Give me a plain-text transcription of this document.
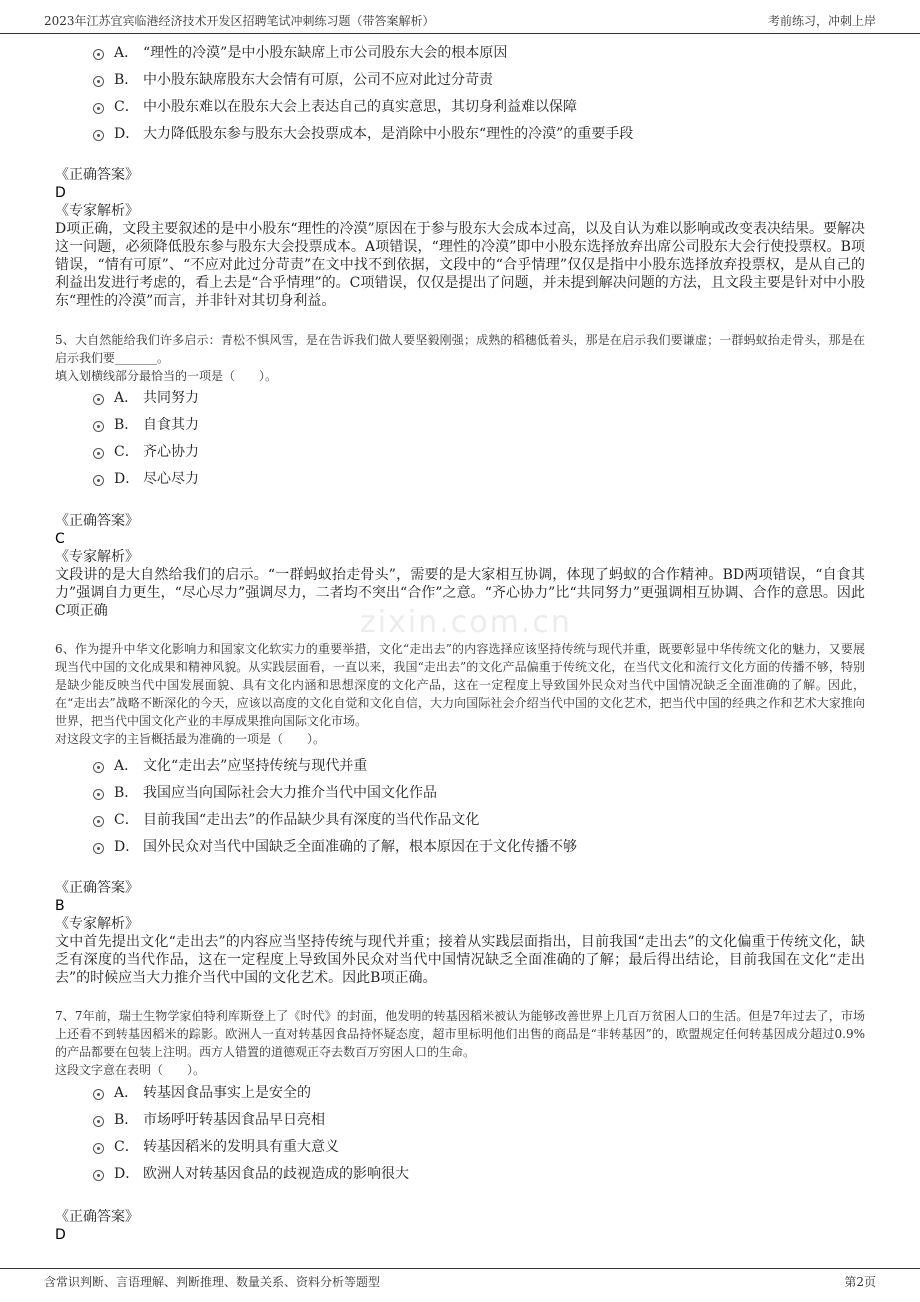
2023年江苏宜宾临港经济技术开发区招聘笔试冲刺练习题（带答案解析）	考前练习，冲刺上岸
zixin.com.cn
A． “理性的冷漠”是中小股东缺席上市公司股东大会的根本原因
B． 中小股东缺席股东大会情有可原，公司不应对此过分苛责
C． 中小股东难以在股东大会上表达自己的真实意思，其切身利益难以保障
D． 大力降低股东参与股东大会投票成本，是消除中小股东“理性的冷漠”的重要手段
《正确答案》
D
《专家解析》
D项正确，文段主要叙述的是中小股东“理性的冷漠”原因在于参与股东大会成本过高，以及自认为难以影响或改变表决结果。要解决这一问题，必须降低股东参与股东大会投票成本。A项错误，“理性的冷漠”即中小股东选择放弃出席公司股东大会行使投票权。B项错误，“情有可原”、“不应对此过分苛责”在文中找不到依据，文段中的“合乎情理”仅仅是指中小股东选择放弃投票权，是从自己的利益出发进行考虑的，看上去是“合乎情理”的。C项错误，仅仅是提出了问题，并未提到解决问题的方法，且文段主要是针对中小股东“理性的冷漠”而言，并非针对其切身利益。
5、大自然能给我们许多启示：青松不惧风雪，是在告诉我们做人要坚毅刚强；成熟的稻穗低着头，那是在启示我们要谦虚；一群蚂蚁抬走骨头，那是在启示我们要_______。
填入划横线部分最恰当的一项是（　　）。
A． 共同努力
B． 自食其力
C． 齐心协力
D． 尽心尽力
《正确答案》
C
《专家解析》
文段讲的是大自然给我们的启示。“一群蚂蚁抬走骨头”，需要的是大家相互协调，体现了蚂蚁的合作精神。BD两项错误，“自食其力”强调自力更生，“尽心尽力”强调尽力，二者均不突出“合作”之意。“齐心协力”比“共同努力”更强调相互协调、合作的意思。因此C项正确
6、作为提升中华文化影响力和国家文化软实力的重要举措，文化“走出去”的内容选择应该坚持传统与现代并重，既要彰显中华传统文化的魅力，又要展现当代中国的文化成果和精神风貌。从实践层面看，一直以来，我国“走出去”的文化产品偏重于传统文化，在当代文化和流行文化方面的传播不够，特别是缺少能反映当代中国发展面貌、具有文化内涵和思想深度的文化产品，这在一定程度上导致国外民众对当代中国情况缺乏全面准确的了解。因此，在“走出去”战略不断深化的今天，应该以高度的文化自觉和文化自信，大力向国际社会介绍当代中国的文化艺术，把当代中国的经典之作和艺术大家推向世界，把当代中国文化产业的丰厚成果推向国际文化市场。
对这段文字的主旨概括最为准确的一项是（　　）。
A． 文化“走出去”应坚持传统与现代并重
B． 我国应当向国际社会大力推介当代中国文化作品
C． 目前我国“走出去”的作品缺少具有深度的当代作品文化
D． 国外民众对当代中国缺乏全面准确的了解，根本原因在于文化传播不够
《正确答案》
B
《专家解析》
文中首先提出文化“走出去”的内容应当坚持传统与现代并重；接着从实践层面指出，目前我国“走出去”的文化偏重于传统文化，缺乏有深度的当代作品，这在一定程度上导致国外民众对当代中国情况缺乏全面准确的了解；最后得出结论，目前我国在文化“走出去”的时候应当大力推介当代中国的文化艺术。因此B项正确。
7、7年前，瑞士生物学家伯特利库斯登上了《时代》的封面，他发明的转基因稻米被认为能够改善世界上几百万贫困人口的生活。但是7年过去了，市场上还看不到转基因稻米的踪影。欧洲人一直对转基因食品持怀疑态度，超市里标明他们出售的商品是“非转基因”的，欧盟规定任何转基因成分超过0.9%的产品都要在包装上注明。西方人错置的道德观正夺去数百万穷困人口的生命。
这段文字意在表明（　　）。
A． 转基因食品事实上是安全的
B． 市场呼吁转基因食品早日亮相
C． 转基因稻米的发明具有重大意义
D． 欧洲人对转基因食品的歧视造成的影响很大
《正确答案》
D
含常识判断、言语理解、判断推理、数量关系、资料分析等题型	第2页
